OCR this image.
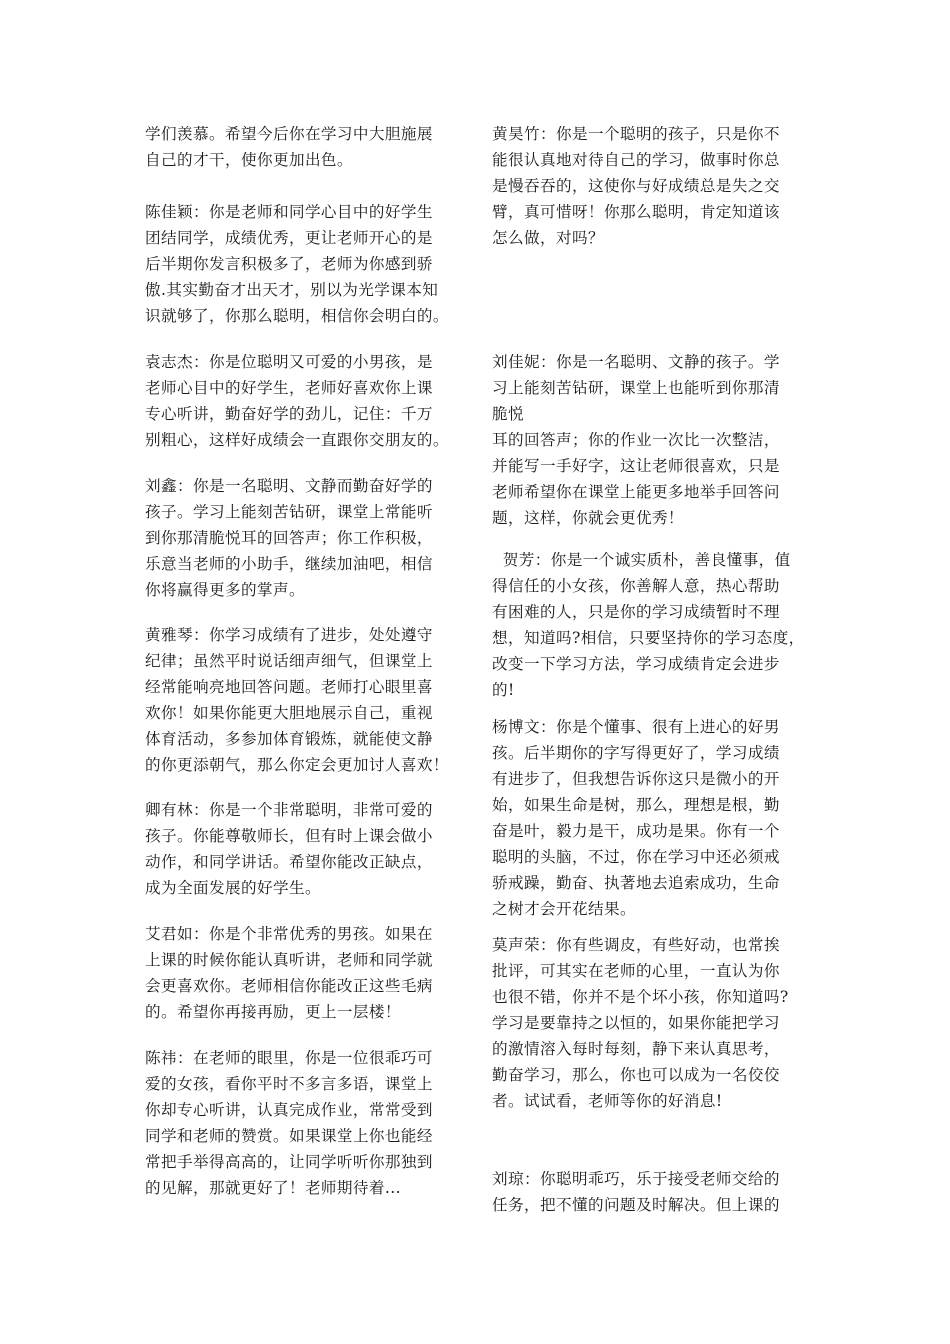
学们羡慕。希望今后你在学习中大胆施展
自己的才干，使你更加出色。

陈佳颖：你是老师和同学心目中的好学生
团结同学，成绩优秀，更让老师开心的是
后半期你发言积极多了，老师为你感到骄
傲.其实勤奋才出天才，别以为光学课本知
识就够了，你那么聪明，相信你会明白的。

袁志杰：你是位聪明又可爱的小男孩，是
老师心目中的好学生，老师好喜欢你上课
专心听讲，勤奋好学的劲儿，记住：千万
别粗心，这样好成绩会一直跟你交朋友的。

刘鑫：你是一名聪明、文静而勤奋好学的
孩子。学习上能刻苦钻研，课堂上常能听
到你那清脆悦耳的回答声；你工作积极，
乐意当老师的小助手，继续加油吧，相信
你将赢得更多的掌声。

黄雅琴：你学习成绩有了进步，处处遵守
纪律；虽然平时说话细声细气，但课堂上
经常能响亮地回答问题。老师打心眼里喜
欢你！如果你能更大胆地展示自己，重视
体育活动，多参加体育锻炼，就能使文静
的你更添朝气，那么你定会更加讨人喜欢！

卿有林：你是一个非常聪明，非常可爱的
孩子。你能尊敬师长，但有时上课会做小
动作，和同学讲话。希望你能改正缺点，
成为全面发展的好学生。

艾君如：你是个非常优秀的男孩。如果在
上课的时候你能认真听讲，老师和同学就
会更喜欢你。老师相信你能改正这些毛病
的。希望你再接再励，更上一层楼！

陈祎：在老师的眼里，你是一位很乖巧可
爱的女孩，看你平时不多言多语，课堂上
你却专心听讲，认真完成作业，常常受到
同学和老师的赞赏。如果课堂上你也能经
常把手举得高高的，让同学听听你那独到
的见解，那就更好了！老师期待着...

黄昊竹：你是一个聪明的孩子，只是你不
能很认真地对待自己的学习，做事时你总
是慢吞吞的，这使你与好成绩总是失之交
臂，真可惜呀！你那么聪明，肯定知道该
怎么做，对吗？

刘佳妮：你是一名聪明、文静的孩子。学
习上能刻苦钻研，课堂上也能听到你那清
脆悦
耳的回答声；你的作业一次比一次整洁，
并能写一手好字，这让老师很喜欢，只是
老师希望你在课堂上能更多地举手回答问
题，这样，你就会更优秀！

贺芳：你是一个诚实质朴，善良懂事，值
得信任的小女孩，你善解人意，热心帮助
有困难的人，只是你的学习成绩暂时不理
想，知道吗?相信，只要坚持你的学习态度，
改变一下学习方法，学习成绩肯定会进步
的!

杨博文：你是个懂事、很有上进心的好男
孩。后半期你的字写得更好了，学习成绩
有进步了，但我想告诉你这只是微小的开
始，如果生命是树，那么，理想是根，勤
奋是叶，毅力是干，成功是果。你有一个
聪明的头脑，不过，你在学习中还必须戒
骄戒躁，勤奋、执著地去追索成功，生命
之树才会开花结果。

莫声荣：你有些调皮，有些好动，也常挨
批评，可其实在老师的心里，一直认为你
也很不错，你并不是个坏小孩，你知道吗?
学习是要靠持之以恒的，如果你能把学习
的激情溶入每时每刻，静下来认真思考，
勤奋学习，那么，你也可以成为一名佼佼
者。试试看，老师等你的好消息!

刘琼：你聪明乖巧，乐于接受老师交给的
任务，把不懂的问题及时解决。但上课的
